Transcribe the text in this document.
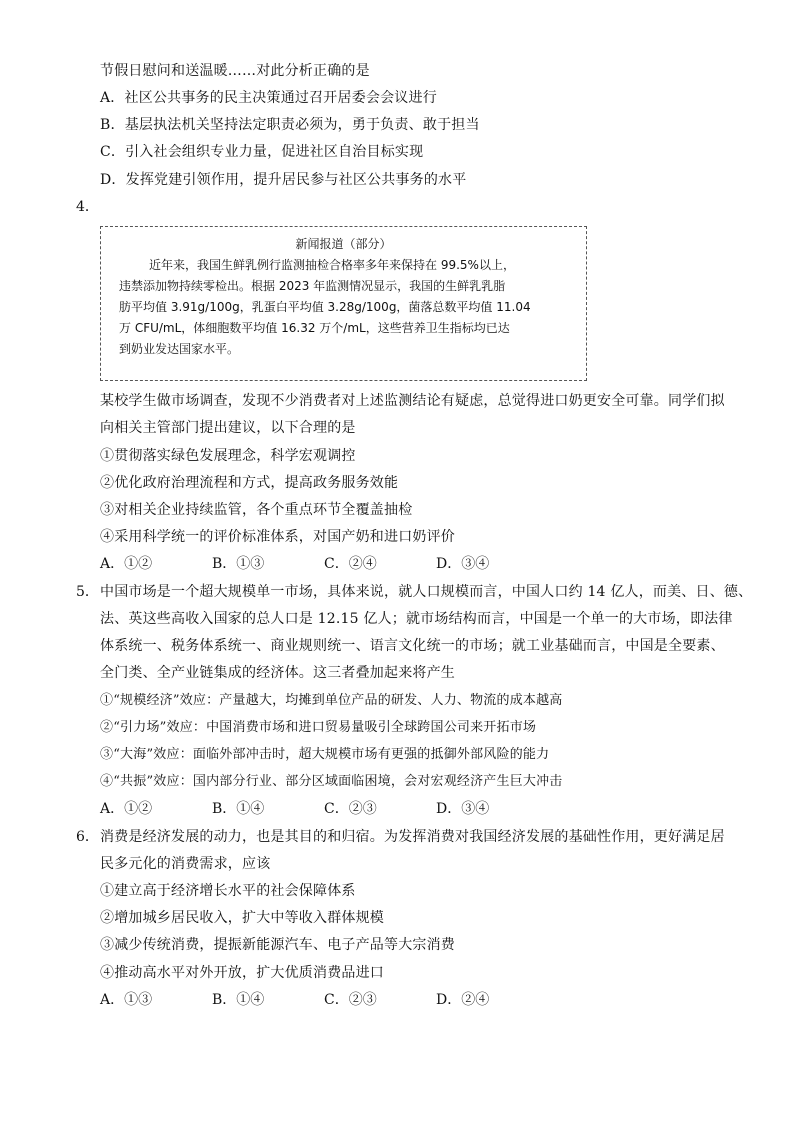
节假日慰问和送温暖……对此分析正确的是
A．社区公共事务的民主决策通过召开居委会会议进行
B．基层执法机关坚持法定职责必须为，勇于负责、敢于担当
C．引入社会组织专业力量，促进社区自治目标实现
D．发挥党建引领作用，提升居民参与社区公共事务的水平
4．
新闻报道（部分）
近年来，我国生鲜乳例行监测抽检合格率多年来保持在 99.5%以上，
违禁添加物持续零检出。根据 2023 年监测情况显示，我国的生鲜乳乳脂
肪平均值 3.91g/100g，乳蛋白平均值 3.28g/100g，菌落总数平均值 11.04
万 CFU/mL，体细胞数平均值 16.32 万个/mL，这些营养卫生指标均已达
到奶业发达国家水平。
某校学生做市场调查，发现不少消费者对上述监测结论有疑虑，总觉得进口奶更安全可靠。同学们拟
向相关主管部门提出建议，以下合理的是
①贯彻落实绿色发展理念，科学宏观调控
②优化政府治理流程和方式，提高政务服务效能
③对相关企业持续监管，各个重点环节全覆盖抽检
④采用科学统一的评价标准体系，对国产奶和进口奶评价
A．①②	B．①③	C．②④	D．③④
5． 中国市场是一个超大规模单一市场，具体来说，就人口规模而言，中国人口约 14 亿人，而美、日、德、
法、英这些高收入国家的总人口是 12.15 亿人；就市场结构而言，中国是一个单一的大市场，即法律
体系统一、税务体系统一、商业规则统一、语言文化统一的市场；就工业基础而言，中国是全要素、
全门类、全产业链集成的经济体。这三者叠加起来将产生
①“规模经济”效应：产量越大，均摊到单位产品的研发、人力、物流的成本越高
②“引力场”效应：中国消费市场和进口贸易量吸引全球跨国公司来开拓市场
③“大海”效应：面临外部冲击时，超大规模市场有更强的抵御外部风险的能力
④“共振”效应：国内部分行业、部分区域面临困境，会对宏观经济产生巨大冲击
A．①②	B．①④	C．②③	D．③④
6． 消费是经济发展的动力，也是其目的和归宿。为发挥消费对我国经济发展的基础性作用，更好满足居
民多元化的消费需求，应该
①建立高于经济增长水平的社会保障体系
②增加城乡居民收入，扩大中等收入群体规模
③减少传统消费，提振新能源汽车、电子产品等大宗消费
④推动高水平对外开放，扩大优质消费品进口
A．①③	B．①④	C．②③	D．②④
